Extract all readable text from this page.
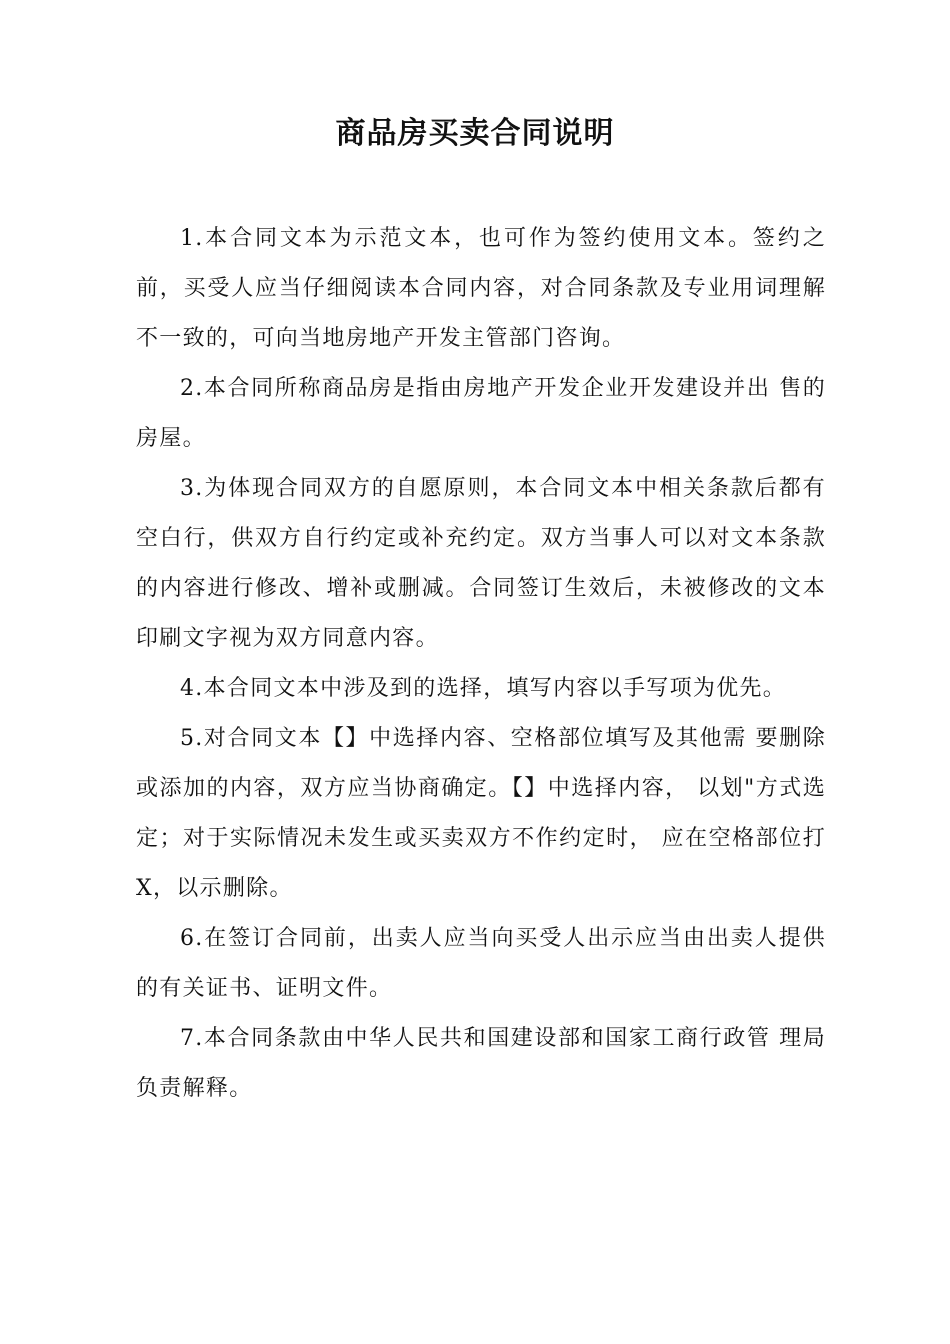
商品房买卖合同说明

1.本合同文本为示范文本，也可作为签约使用文本。签约之前，买受人应当仔细阅读本合同内容，对合同条款及专业用词理解不一致的，可向当地房地产开发主管部门咨询。

2.本合同所称商品房是指由房地产开发企业开发建设并出 售的房屋。

3.为体现合同双方的自愿原则，本合同文本中相关条款后都有空白行，供双方自行约定或补充约定。双方当事人可以对文本条款的内容进行修改、增补或删减。合同签订生效后，未被修改的文本印刷文字视为双方同意内容。

4.本合同文本中涉及到的选择，填写内容以手写项为优先。

5.对合同文本【】中选择内容、空格部位填写及其他需 要删除或添加的内容，双方应当协商确定。【】中选择内容， 以划"方式选定；对于实际情况未发生或买卖双方不作约定时， 应在空格部位打X，以示删除。

6.在签订合同前，出卖人应当向买受人出示应当由出卖人提供的有关证书、证明文件。

7.本合同条款由中华人民共和国建设部和国家工商行政管 理局负责解释。
